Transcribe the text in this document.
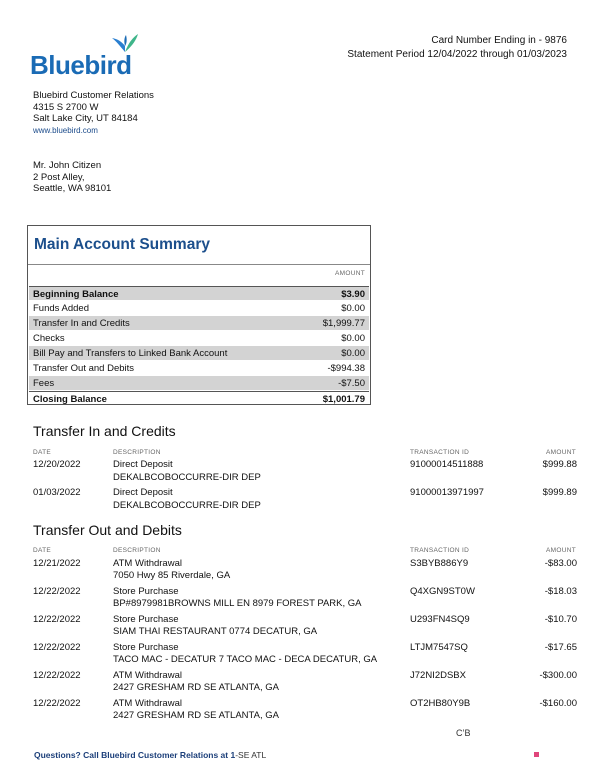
Card Number Ending in - 9876
Statement Period 12/04/2022 through 01/03/2023
Bluebird
Bluebird Customer Relations
4315 S 2700 W
Salt Lake City, UT 84184
www.bluebird.com
Mr. John Citizen
2 Post Alley,
Seattle, WA 98101
Main Account Summary
AMOUNT
Beginning Balance	$3.90
Funds Added	$0.00
Transfer In and Credits	$1,999.77
Checks	$0.00
Bill Pay and Transfers to Linked Bank Account	$0.00
Transfer Out and Debits	-$994.38
Fees	-$7.50
Closing Balance	$1,001.79
Transfer In and Credits
DATE	DESCRIPTION	TRANSACTION ID	AMOUNT
12/20/2022	Direct Deposit
DEKALBCOBOCCURRE-DIR DEP
91000014511888	$999.88
01/03/2022	Direct Deposit
DEKALBCOBOCCURRE-DIR DEP
91000013971997	$999.89
Transfer Out and Debits
DATE	DESCRIPTION	TRANSACTION ID	AMOUNT
12/21/2022	ATM Withdrawal
7050 Hwy 85 Riverdale, GA
S3BYB886Y9	-$83.00
12/22/2022	Store Purchase
BP#8979981BROWNS MILL EN 8979 FOREST PARK, GA
Q4XGN9ST0W	-$18.03
12/22/2022	Store Purchase
SIAM THAI RESTAURANT 0774 DECATUR, GA
U293FN4SQ9	-$10.70
12/22/2022	Store Purchase
TACO MAC - DECATUR 7 TACO MAC - DECA DECATUR, GA
LTJM7547SQ	-$17.65
12/22/2022	ATM Withdrawal
2427 GRESHAM RD SE ATLANTA, GA
J72NI2DSBX	-$300.00
12/22/2022	ATM Withdrawal
2427 GRESHAM RD SE ATLANTA, GA
OT2HB80Y9B	-$160.00
C’B
Questions? Call Bluebird Customer Relations at 1-SE ATL
